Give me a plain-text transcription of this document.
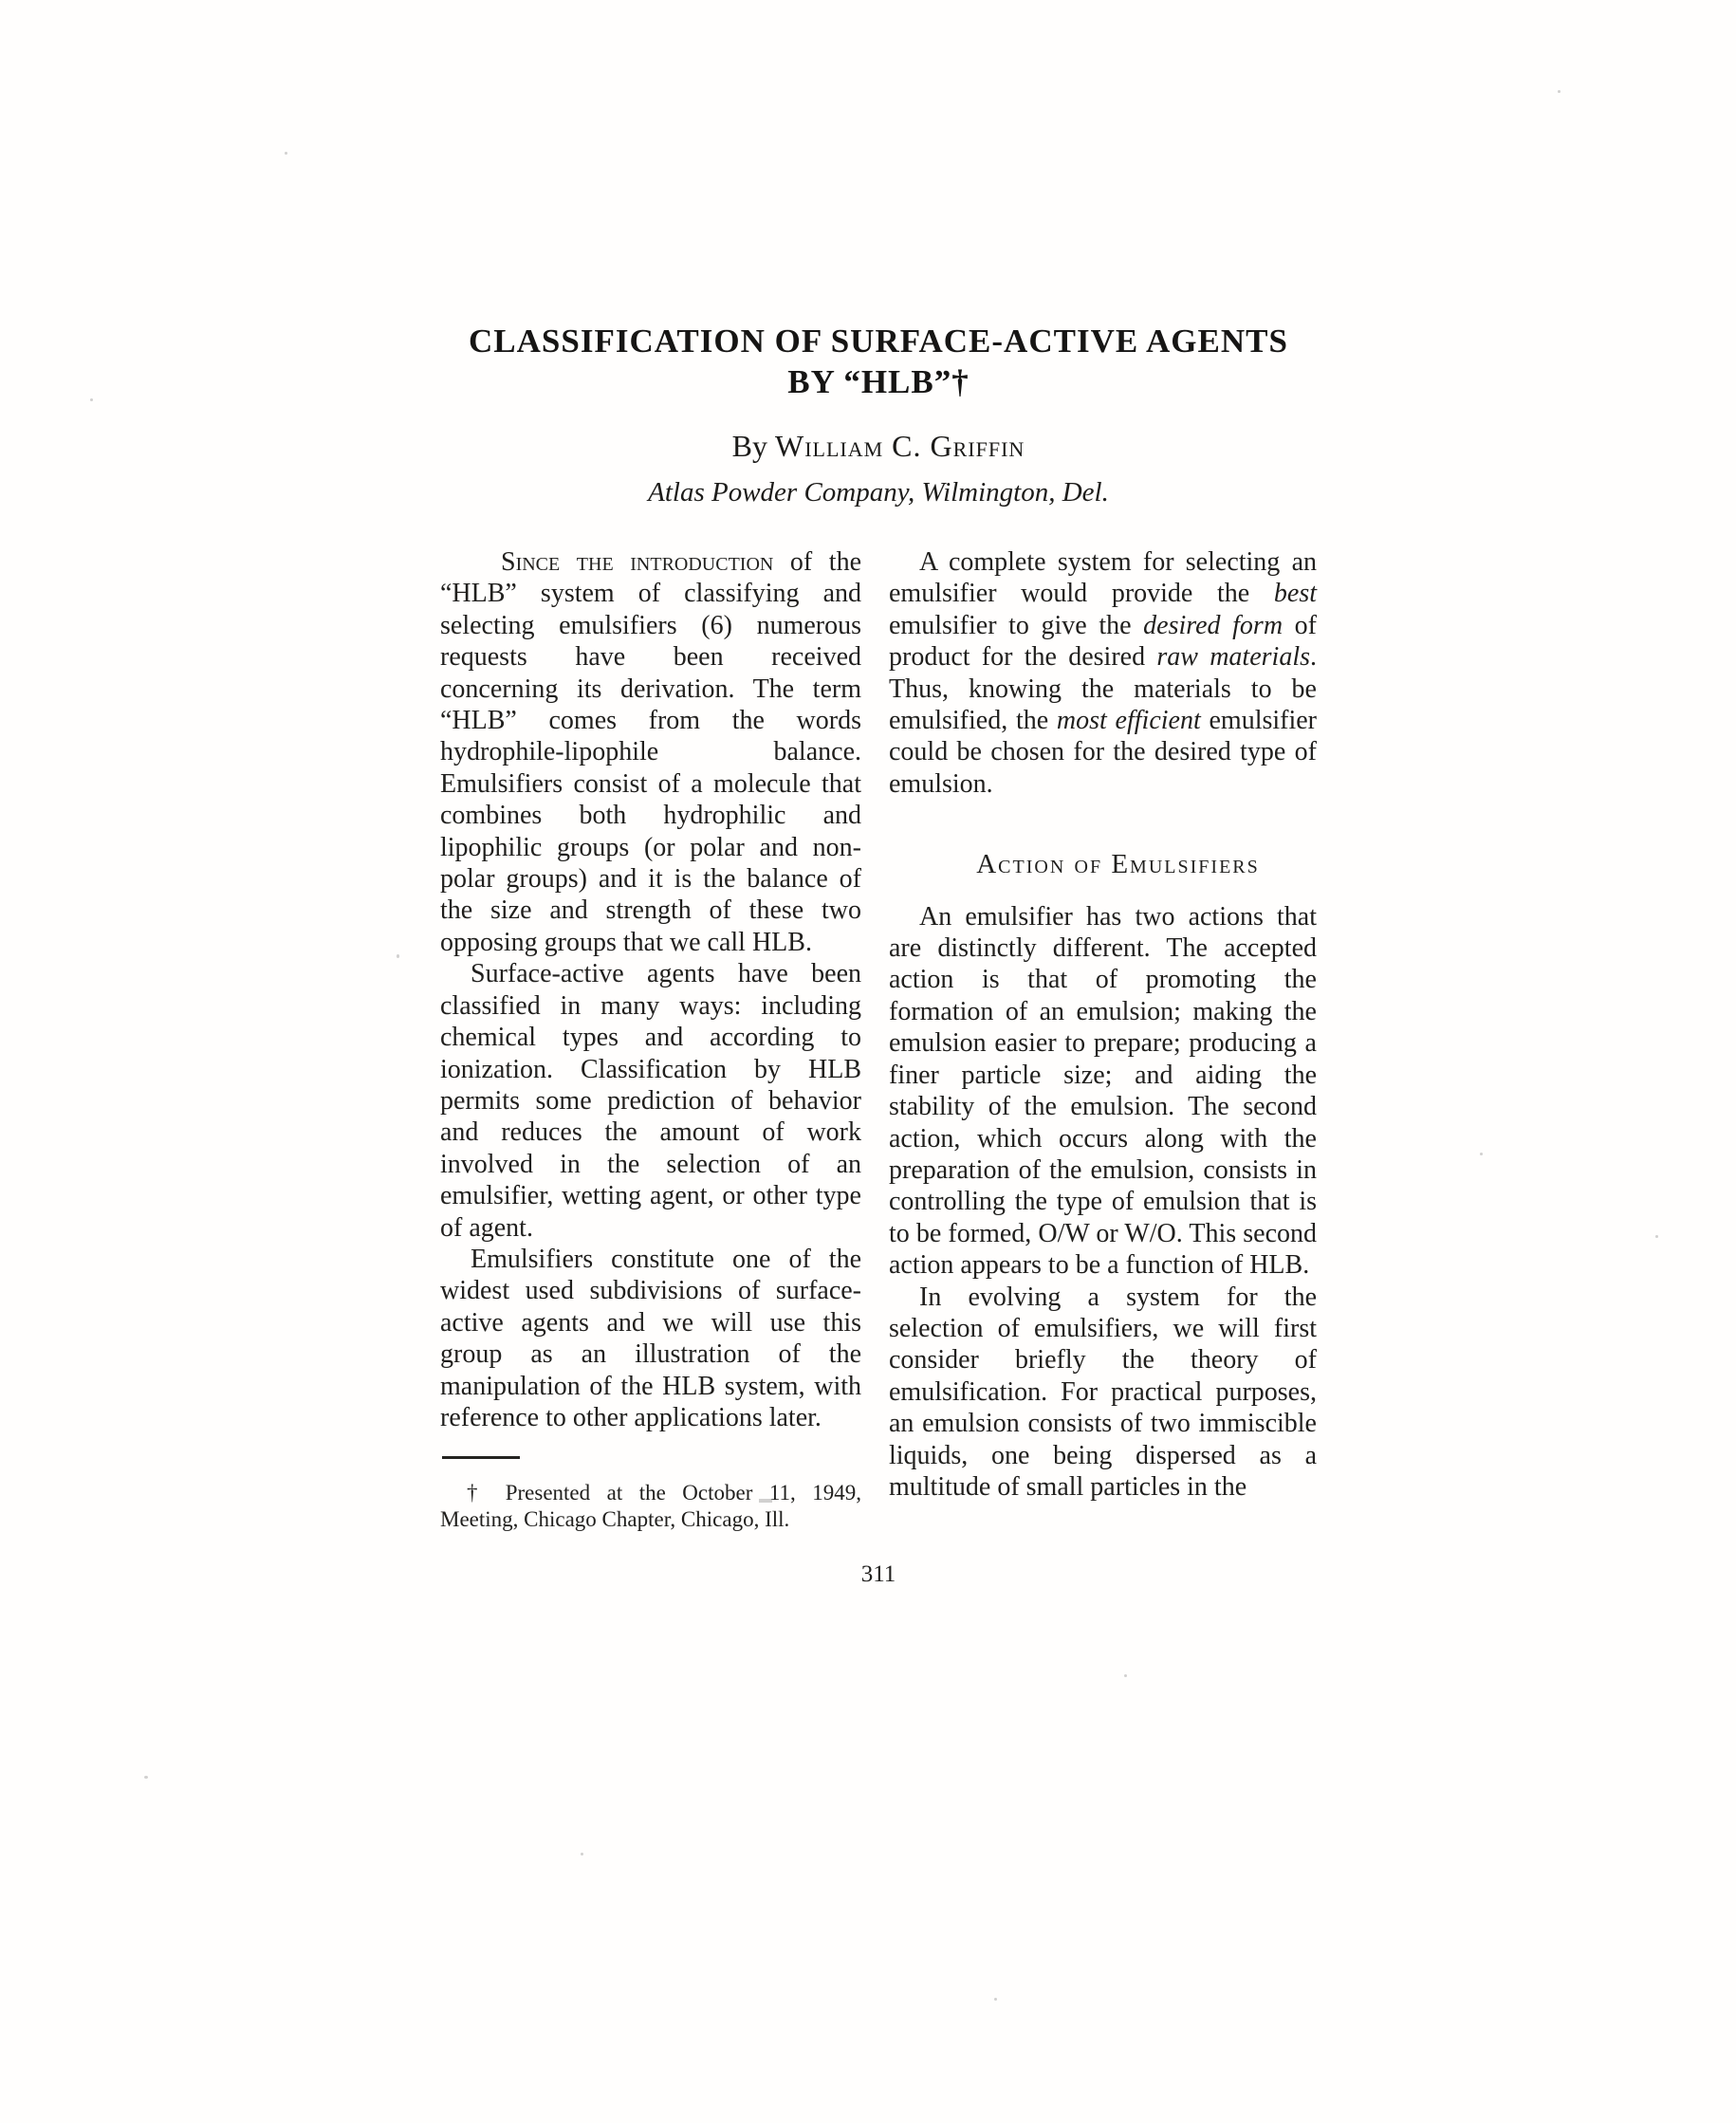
CLASSIFICATION OF SURFACE-ACTIVE AGENTS
BY “HLB”†
By William C. Griffin
Atlas Powder Company, Wilmington, Del.

Since the introduction of the “HLB” system of classifying and selecting emulsifiers (6) numerous requests have been received concerning its derivation. The term “HLB” comes from the words hydrophile-lipophile balance. Emulsifiers consist of a molecule that combines both hydrophilic and lipophilic groups (or polar and non-polar groups) and it is the balance of the size and strength of these two opposing groups that we call HLB.

Surface-active agents have been classified in many ways: including chemical types and according to ionization. Classification by HLB permits some prediction of behavior and reduces the amount of work involved in the selection of an emulsifier, wetting agent, or other type of agent.

Emulsifiers constitute one of the widest used subdivisions of surface-active agents and we will use this group as an illustration of the manipulation of the HLB system, with reference to other applications later.

† Presented at the October 11, 1949,
Meeting, Chicago Chapter, Chicago, Ill.

A complete system for selecting an emulsifier would provide the best emulsifier to give the desired form of product for the desired raw materials. Thus, knowing the materials to be emulsified, the most efficient emulsifier could be chosen for the desired type of emulsion.

Action of Emulsifiers

An emulsifier has two actions that are distinctly different. The accepted action is that of promoting the formation of an emulsion; making the emulsion easier to prepare; producing a finer particle size; and aiding the stability of the emulsion. The second action, which occurs along with the preparation of the emulsion, consists in controlling the type of emulsion that is to be formed, O/W or W/O. This second action appears to be a function of HLB.

In evolving a system for the selection of emulsifiers, we will first consider briefly the theory of emulsification. For practical purposes, an emulsion consists of two immiscible liquids, one being dispersed as a multitude of small particles in the

311
